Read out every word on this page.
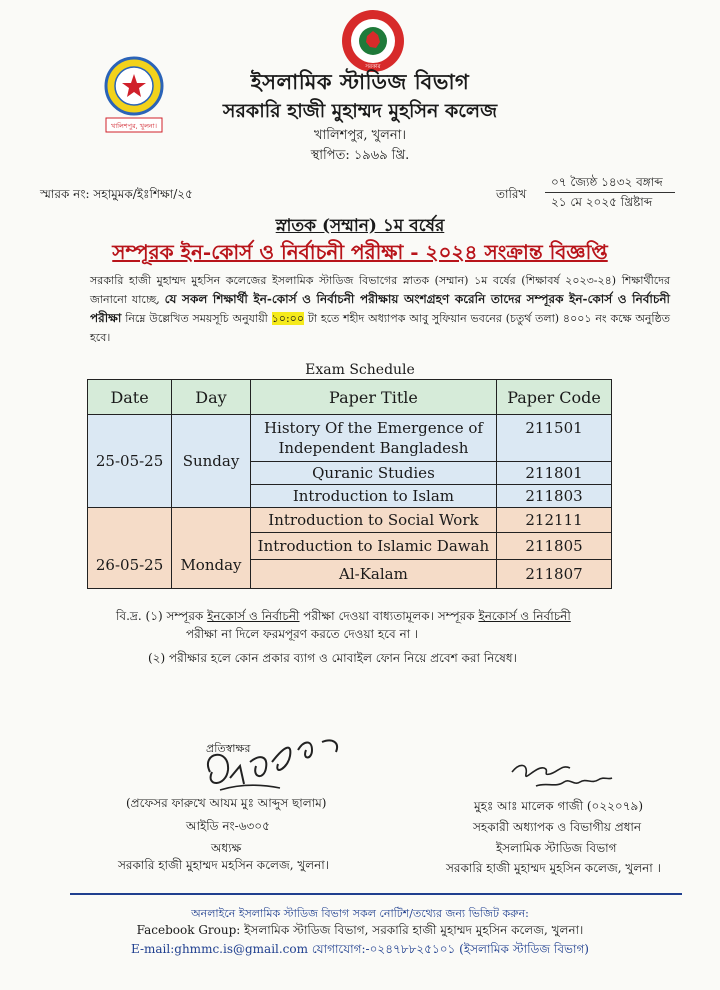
খালিশপুর, খুলনা।
সরকার
ইসলামিক স্টাডিজ বিভাগ
সরকারি হাজী মুহাম্মদ মুহসিন কলেজ
খালিশপুর, খুলনা।
স্থাপিত: ১৯৬৯ খ্রি.
স্মারক নং: সহামুমক/ইঃশিক্ষা/২৫	তারিখ
০৭ জ্যৈষ্ঠ ১৪৩২ বঙ্গাব্দ
২১ মে ২০২৫ খ্রিষ্টাব্দ
স্নাতক (সম্মান) ১ম বর্ষের
সম্পূরক ইন-কোর্স ও নির্বাচনী পরীক্ষা - ২০২৪ সংক্রান্ত বিজ্ঞপ্তি
সরকারি হাজী মুহাম্মদ মুহসিন কলেজের ইসলামিক স্টাডিজ বিভাগের স্নাতক (সম্মান) ১ম বর্ষের (শিক্ষাবর্ষ ২০২৩-২৪) শিক্ষার্থীদের জানানো যাচ্ছে, যে সকল শিক্ষার্থী ইন-কোর্স ও নির্বাচনী পরীক্ষায় অংশগ্রহণ করেনি তাদের সম্পূরক ইন-কোর্স ও নির্বাচনী পরীক্ষা নিম্নে উল্লেখিত সময়সূচি অনুযায়ী ১০:০০ টা হতে শহীদ অধ্যাপক আবু সুফিয়ান ভবনের (চতুর্থ তলা) ৪০০১ নং কক্ষে অনুষ্ঠিত হবে।
Exam Schedule
Date	Day	Paper Title	Paper Code
25-05-25	Sunday	History Of the Emergence of Independent Bangladesh	211501
		Quranic Studies	211801
		Introduction to Islam	211803
26-05-25	Monday	Introduction to Social Work	212111
		Introduction to Islamic Dawah	211805
		Al-Kalam	211807
বি.দ্র. (১) সম্পূরক ইনকোর্স ও নির্বাচনী পরীক্ষা দেওয়া বাধ্যতামূলক। সম্পূরক ইনকোর্স ও নির্বাচনী
পরীক্ষা না দিলে ফরমপূরণ করতে দেওয়া হবে না ।
(২) পরীক্ষার হলে কোন প্রকার ব্যাগ ও মোবাইল ফোন নিয়ে প্রবেশ করা নিষেধ।
প্রতিস্বাক্ষর
(প্রফেসর ফারুখে আযম মুঃ আব্দুস ছালাম)
আইডি নং-৬৩০৫
অধ্যক্ষ
সরকারি হাজী মুহাম্মদ মহসিন কলেজ, খুলনা।
মুহঃ আঃ মালেক গাজী (০২২০৭৯)
সহকারী অধ্যাপক ও বিভাগীয় প্রধান
ইসলামিক স্টাডিজ বিভাগ
সরকারি হাজী মুহাম্মদ মুহসিন কলেজ, খুলনা ।
অনলাইনে ইসলামিক স্টাডিজ বিভাগ সকল নোটিশ/তথ্যের জন্য ভিজিট করুন:
Facebook Group: ইসলামিক স্টাডিজ বিভাগ, সরকারি হাজী মুহাম্মদ মুহসিন কলেজ, খুলনা।
E-mail:ghmmc.is@gmail.com যোগাযোগ:-০২৪৭৮৮২৫১০১ (ইসলামিক স্টাডিজ বিভাগ)
